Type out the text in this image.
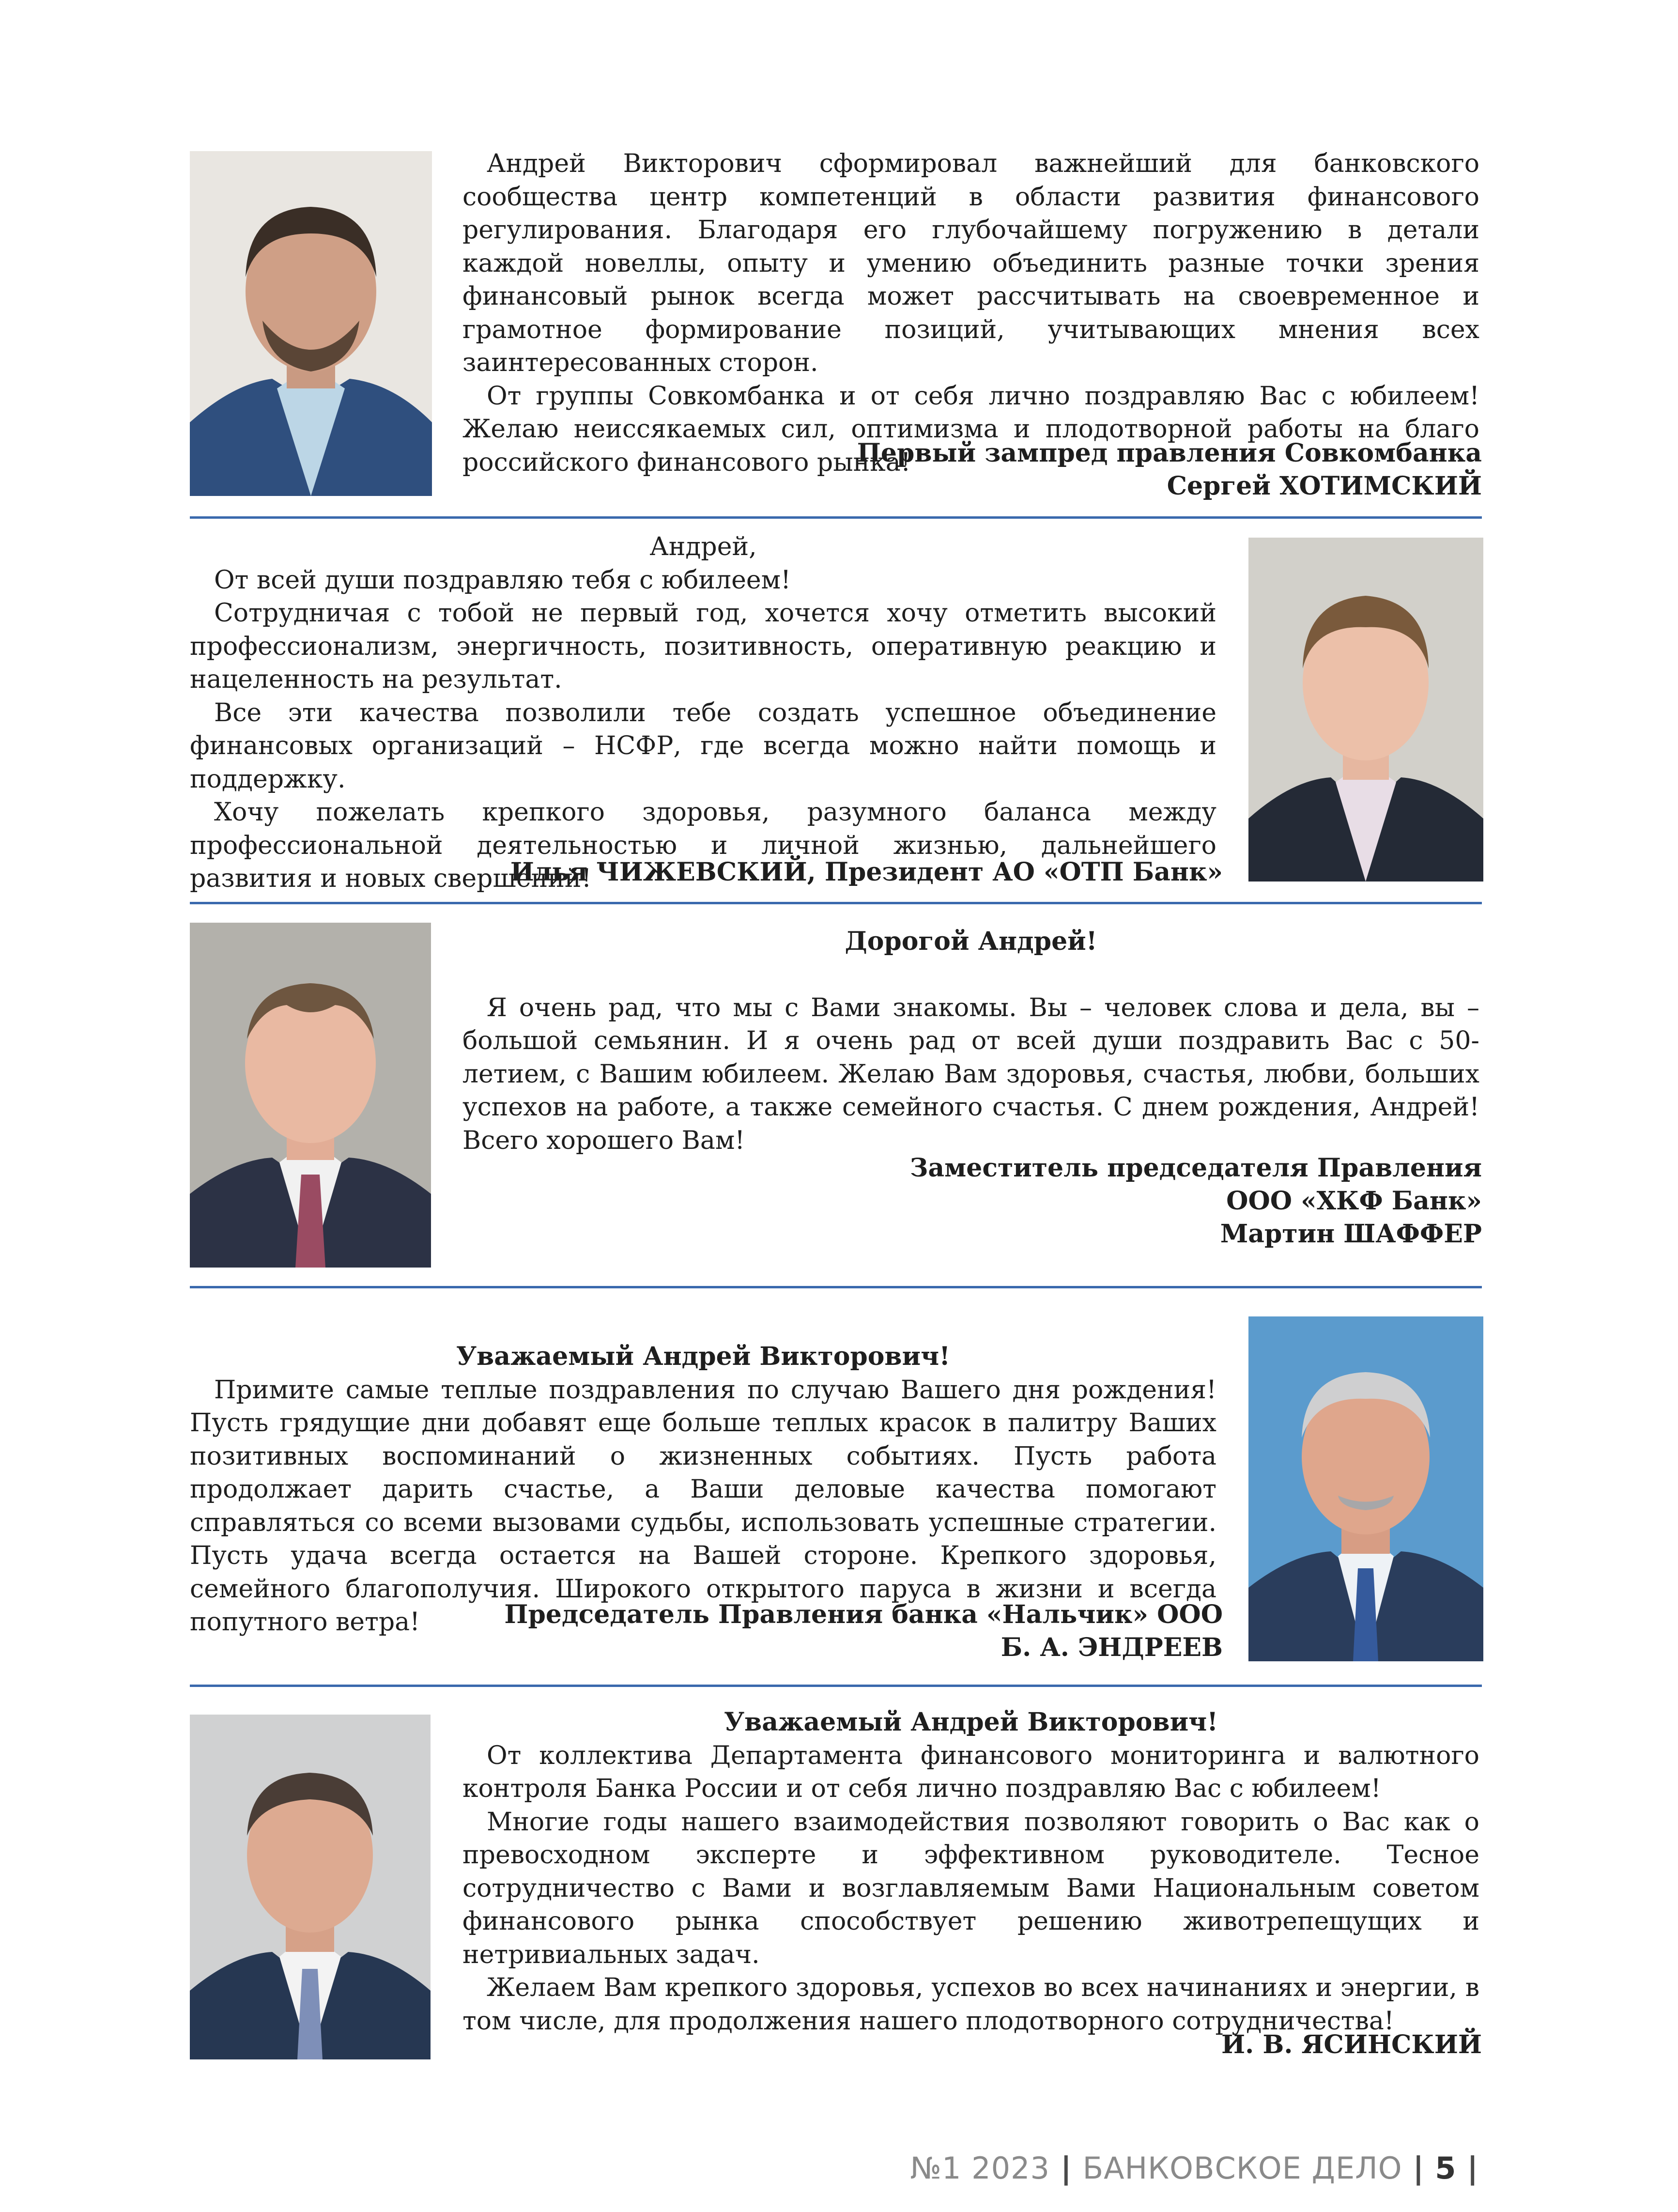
Андрей Викторович сформировал важнейший для банковского сообщества центр компетенций в области развития финансового регулирования. Благодаря его глубочайшему погружению в детали каждой новеллы, опыту и умению объединить разные точки зрения финансовый рынок всегда может рассчитывать на своевременное и грамотное формирование позиций, учитывающих мнения всех заинтересованных сторон.

От группы Совкомбанка и от себя лично поздравляю Вас с юбилеем! Желаю неиссякаемых сил, оптимизма и плодотворной работы на благо российского финансового рынка!

Первый зампред правления Совкомбанка
Сергей ХОТИМСКИЙ

Андрей,

От всей души поздравляю тебя с юбилеем!

Сотрудничая с тобой не первый год, хочется хочу отметить высокий профессионализм, энергичность, позитивность, оперативную реакцию и нацеленность на результат.

Все эти качества позволили тебе создать успешное объединение финансовых организаций – НСФР, где всегда можно найти помощь и поддержку.

Хочу пожелать крепкого здоровья, разумного баланса между профессиональной деятельностью и личной жизнью, дальнейшего развития и новых свершений!

Илья ЧИЖЕВСКИЙ, Президент АО «ОТП Банк»

Дорогой Андрей!

Я очень рад, что мы с Вами знакомы. Вы – человек слова и дела, вы – большой семьянин. И я очень рад от всей души поздравить Вас с 50-летием, с Вашим юбилеем. Желаю Вам здоровья, счастья, любви, больших успехов на работе, а также семейного счастья. С днем рождения, Андрей! Всего хорошего Вам!

Заместитель председателя Правления
ООО «ХКФ Банк»
Мартин ШАФФЕР

Уважаемый Андрей Викторович!

Примите самые теплые поздравления по случаю Вашего дня рождения! Пусть грядущие дни добавят еще больше теплых красок в палитру Ваших позитивных воспоминаний о жизненных событиях. Пусть работа продолжает дарить счастье, а Ваши деловые качества помогают справляться со всеми вызовами судьбы, использовать успешные стратегии. Пусть удача всегда остается на Вашей стороне. Крепкого здоровья, семейного благополучия. Широкого открытого паруса в жизни и всегда попутного ветра!	Председатель Правления банка «Нальчик» ООО
Б. А. ЭНДРЕЕВ

Уважаемый Андрей Викторович!

От коллектива Департамента финансового мониторинга и валютного контроля Банка России и от себя лично поздравляю Вас с юбилеем!

Многие годы нашего взаимодействия позволяют говорить о Вас как о превосходном эксперте и эффективном руководителе. Тесное сотрудничество с Вами и возглавляемым Вами Национальным советом финансового рынка способствует решению животрепещущих и нетривиальных задач.

Желаем Вам крепкого здоровья, успехов во всех начинаниях и энергии, в том числе, для продолжения нашего плодотворного сотрудничества!

И. В. ЯСИНСКИЙ
№1 2023 | БАНКОВСКОЕ ДЕЛО | 5 |
